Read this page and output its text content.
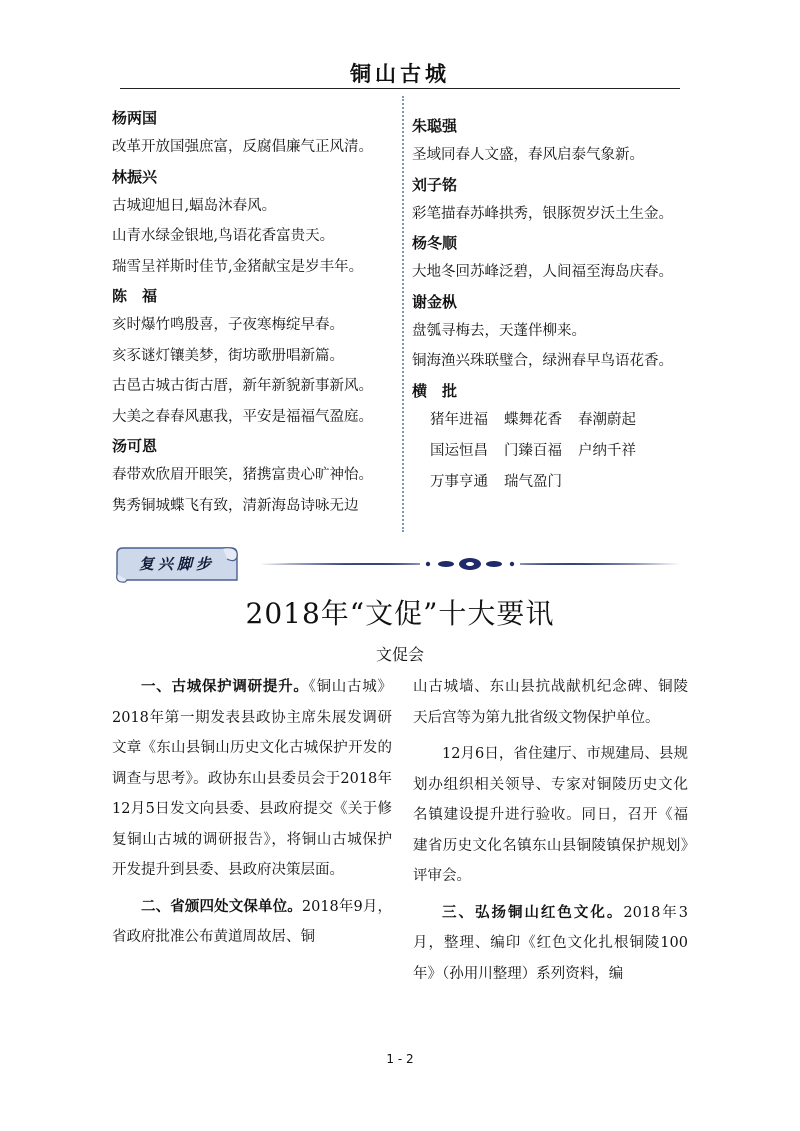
铜山古城
杨两国
改革开放国强庶富，反腐倡廉气正风清。
林振兴
古城迎旭日,蝠岛沐春风。
山青水绿金银地,鸟语花香富贵天。
瑞雪呈祥斯时佳节,金猪献宝是岁丰年。
陈　福
亥时爆竹鸣殷喜，子夜寒梅绽早春。
亥豕谜灯镶美梦，街坊歌册唱新篇。
古邑古城古街古厝，新年新貌新事新风。
大美之春春风惠我，平安是福福气盈庭。
汤可恩
春带欢欣眉开眼笑，猪携富贵心旷神怡。
隽秀铜城蝶飞有致，清新海岛诗咏无边
朱聪强
圣域同春人文盛，春风启泰气象新。
刘子铭
彩笔描春苏峰拱秀，银豚贺岁沃土生金。
杨冬顺
大地冬回苏峰泛碧，人间福至海岛庆春。
谢金枞
盘瓠寻梅去，天蓬伴柳来。
铜海渔兴珠联璧合，绿洲春早鸟语花香。
横　批
猪年进福 蝶舞花香 春潮蔚起
国运恒昌 门臻百福 户纳千祥
万事亨通 瑞气盈门
复兴脚步
2018年“文促”十大要讯
文促会

一、古城保护调研提升。《铜山古城》2018年第一期发表县政协主席朱展发调研文章《东山县铜山历史文化古城保护开发的调查与思考》。政协东山县委员会于2018年12月5日发文向县委、县政府提交《关于修复铜山古城的调研报告》，将铜山古城保护开发提升到县委、县政府决策层面。

二、省颁四处文保单位。2018年9月，省政府批准公布黄道周故居、铜

山古城墙、东山县抗战献机纪念碑、铜陵天后宫等为第九批省级文物保护单位。

12月6日，省住建厅、市规建局、县规划办组织相关领导、专家对铜陵历史文化名镇建设提升进行验收。同日，召开《福建省历史文化名镇东山县铜陵镇保护规划》评审会。

三、弘扬铜山红色文化。2018年3月，整理、编印《红色文化扎根铜陵100年》（孙用川整理）系列资料，编

1 - 2
